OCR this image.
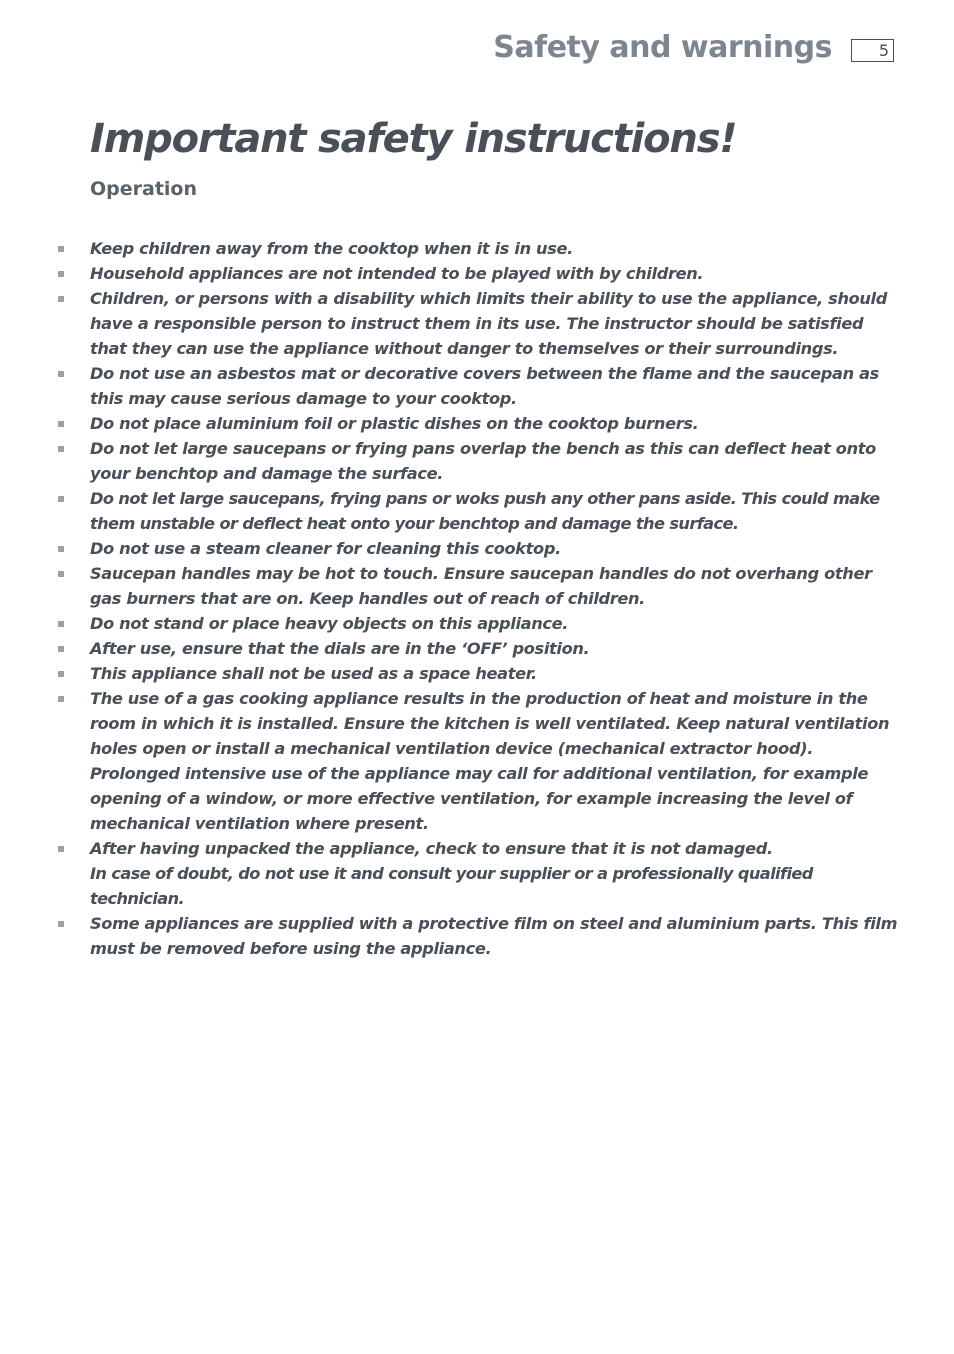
Safety and warnings	5
Important safety instructions!
Operation
Keep children away from the cooktop when it is in use.
Household appliances are not intended to be played with by children.
Children, or persons with a disability which limits their ability to use the appliance, should have a responsible person to instruct them in its use. The instructor should be satisfied that they can use the appliance without danger to themselves or their surroundings.
Do not use an asbestos mat or decorative covers between the flame and the saucepan as this may cause serious damage to your cooktop.
Do not place aluminium foil or plastic dishes on the cooktop burners.
Do not let large saucepans or frying pans overlap the bench as this can deflect heat onto your benchtop and damage the surface.
Do not let large saucepans, frying pans or woks push any other pans aside. This could make them unstable or deflect heat onto your benchtop and damage the surface.
Do not use a steam cleaner for cleaning this cooktop.
Saucepan handles may be hot to touch. Ensure saucepan handles do not overhang other gas burners that are on. Keep handles out of reach of children.
Do not stand or place heavy objects on this appliance.
After use, ensure that the dials are in the ‘OFF’ position.
This appliance shall not be used as a space heater.
The use of a gas cooking appliance results in the production of heat and moisture in the room in which it is installed. Ensure the kitchen is well ventilated. Keep natural ventilation holes open or install a mechanical ventilation device (mechanical extractor hood).
Prolonged intensive use of the appliance may call for additional ventilation, for example opening of a window, or more effective ventilation, for example increasing the level of mechanical ventilation where present.
After having unpacked the appliance, check to ensure that it is not damaged.
In case of doubt, do not use it and consult your supplier or a professionally qualified technician.
Some appliances are supplied with a protective film on steel and aluminium parts. This film must be removed before using the appliance.
